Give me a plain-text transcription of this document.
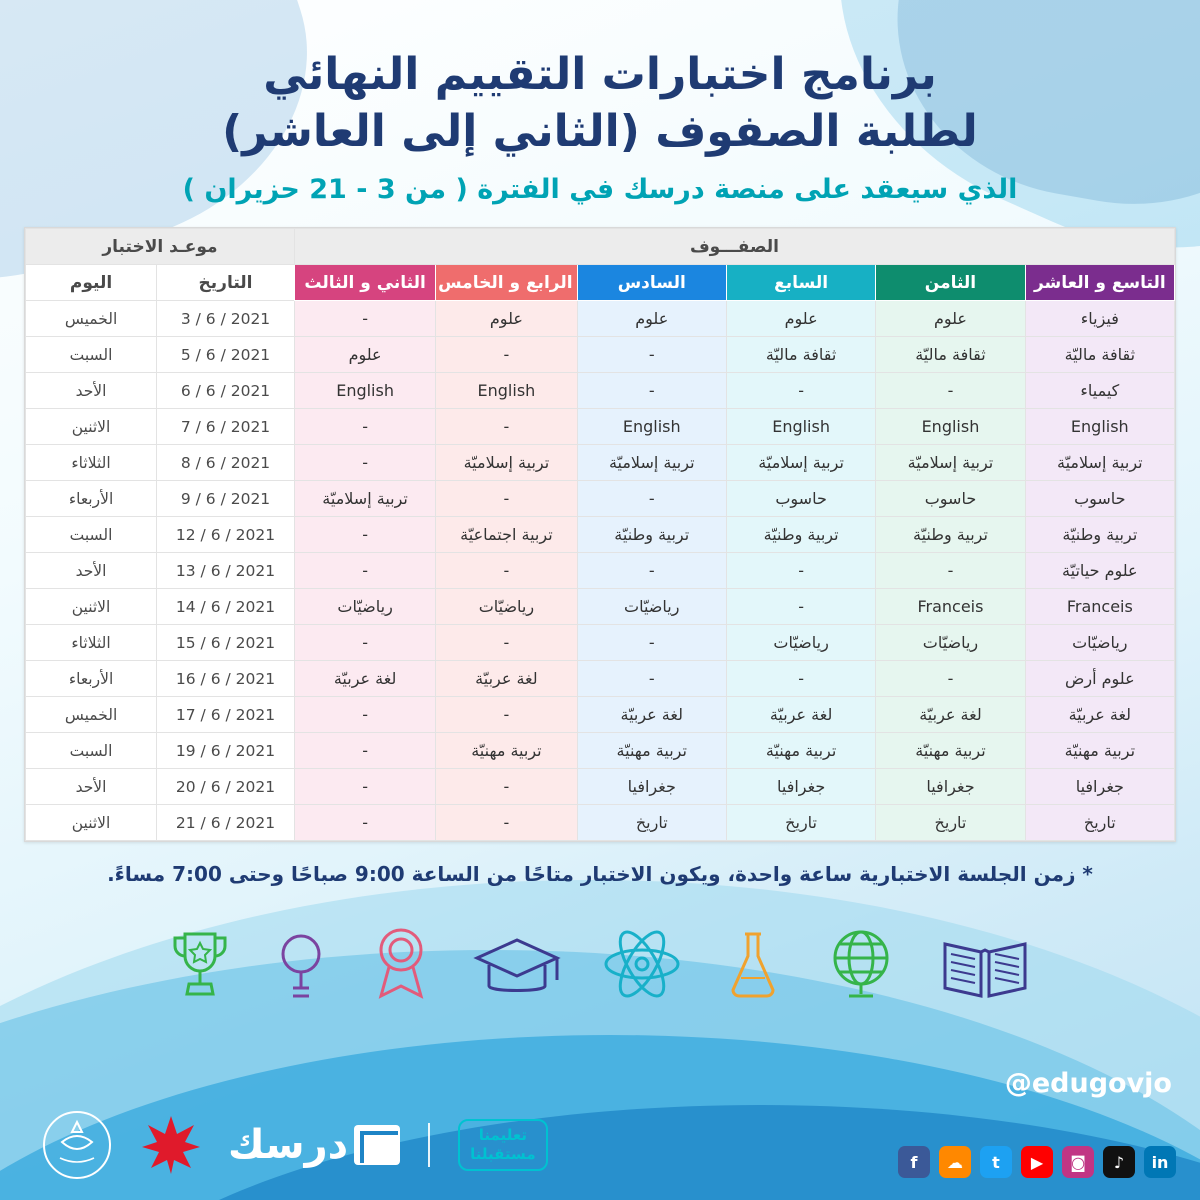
برنامج اختبارات التقييم النهائي
لطلبة الصفوف (الثاني إلى العاشر)
الذي سيعقد على منصة درسك في الفترة ( من 3 - 21 حزيران )
الصفـــوف						موعـد الاختبار	
التاسع و العاشر	الثامن	السابع	السادس	الرابع و الخامس	الثاني و الثالث	التاريخ	اليوم
فيزياء	علوم	علوم	علوم	علوم	-	2021 / 6 / 3	الخميس
ثقافة ماليّة	ثقافة ماليّة	ثقافة ماليّة	-	-	علوم	2021 / 6 / 5	السبت
كيمياء	-	-	-	English	English	2021 / 6 / 6	الأحد
English	English	English	English	-	-	2021 / 6 / 7	الاثنين
تربية إسلاميّة	تربية إسلاميّة	تربية إسلاميّة	تربية إسلاميّة	تربية إسلاميّة	-	2021 / 6 / 8	الثلاثاء
حاسوب	حاسوب	حاسوب	-	-	تربية إسلاميّة	2021 / 6 / 9	الأربعاء
تربية وطنيّة	تربية وطنيّة	تربية وطنيّة	تربية وطنيّة	تربية اجتماعيّة	-	2021 / 6 / 12	السبت
علوم حياتيّة	-	-	-	-	-	2021 / 6 / 13	الأحد
Franceis	Franceis	-	رياضيّات	رياضيّات	رياضيّات	2021 / 6 / 14	الاثنين
رياضيّات	رياضيّات	رياضيّات	-	-	-	2021 / 6 / 15	الثلاثاء
علوم أرض	-	-	-	لغة عربيّة	لغة عربيّة	2021 / 6 / 16	الأربعاء
لغة عربيّة	لغة عربيّة	لغة عربيّة	لغة عربيّة	-	-	2021 / 6 / 17	الخميس
تربية مهنيّة	تربية مهنيّة	تربية مهنيّة	تربية مهنيّة	تربية مهنيّة	-	2021 / 6 / 19	السبت
جغرافيا	جغرافيا	جغرافيا	جغرافيا	-	-	2021 / 6 / 20	الأحد
تاريخ	تاريخ	تاريخ	تاريخ	-	-	2021 / 6 / 21	الاثنين
* زمن الجلسة الاختبارية ساعة واحدة، ويكون الاختبار متاحًا من الساعة 9:00 صباحًا وحتى 7:00 مساءً.
@edugovjo
f	☁	t	▶	◙	♪	in
درسك	تعليمنا
مستقبلنا
